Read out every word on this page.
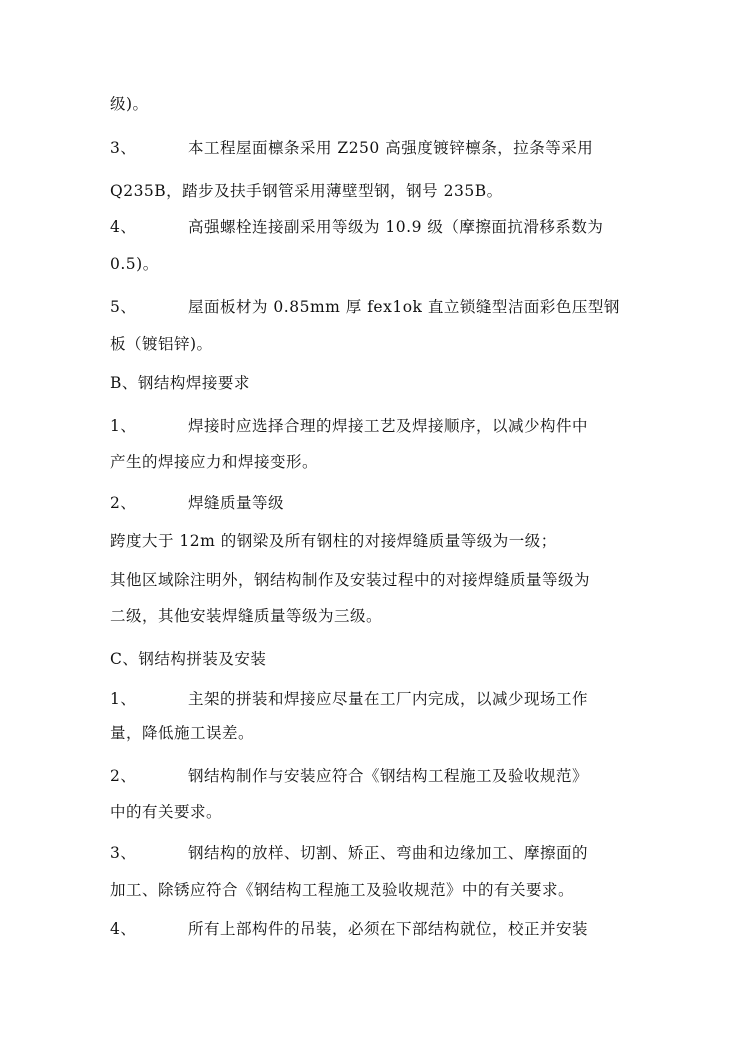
级)。
3、	本工程屋面檩条采用 Z250 高强度镀锌檩条，拉条等采用
Q235B，踏步及扶手钢管采用薄壁型钢，钢号 235B。
4、	高强螺栓连接副采用等级为 10.9 级（摩擦面抗滑移系数为
0.5)。
5、	屋面板材为 0.85mm 厚 fex1ok 直立锁缝型洁面彩色压型钢
板（镀铝锌)。
B、钢结构焊接要求
1、	焊接时应选择合理的焊接工艺及焊接顺序，以减少构件中
产生的焊接应力和焊接变形。
2、	焊缝质量等级
跨度大于 12m 的钢梁及所有钢柱的对接焊缝质量等级为一级；
其他区域除注明外，钢结构制作及安装过程中的对接焊缝质量等级为
二级，其他安装焊缝质量等级为三级。
C、钢结构拼装及安装
1、	主架的拼装和焊接应尽量在工厂内完成，以减少现场工作
量，降低施工误差。
2、	钢结构制作与安装应符合《钢结构工程施工及验收规范》
中的有关要求。
3、	钢结构的放样、切割、矫正、弯曲和边缘加工、摩擦面的
加工、除锈应符合《钢结构工程施工及验收规范》中的有关要求。
4、	所有上部构件的吊装，必须在下部结构就位，校正并安装
